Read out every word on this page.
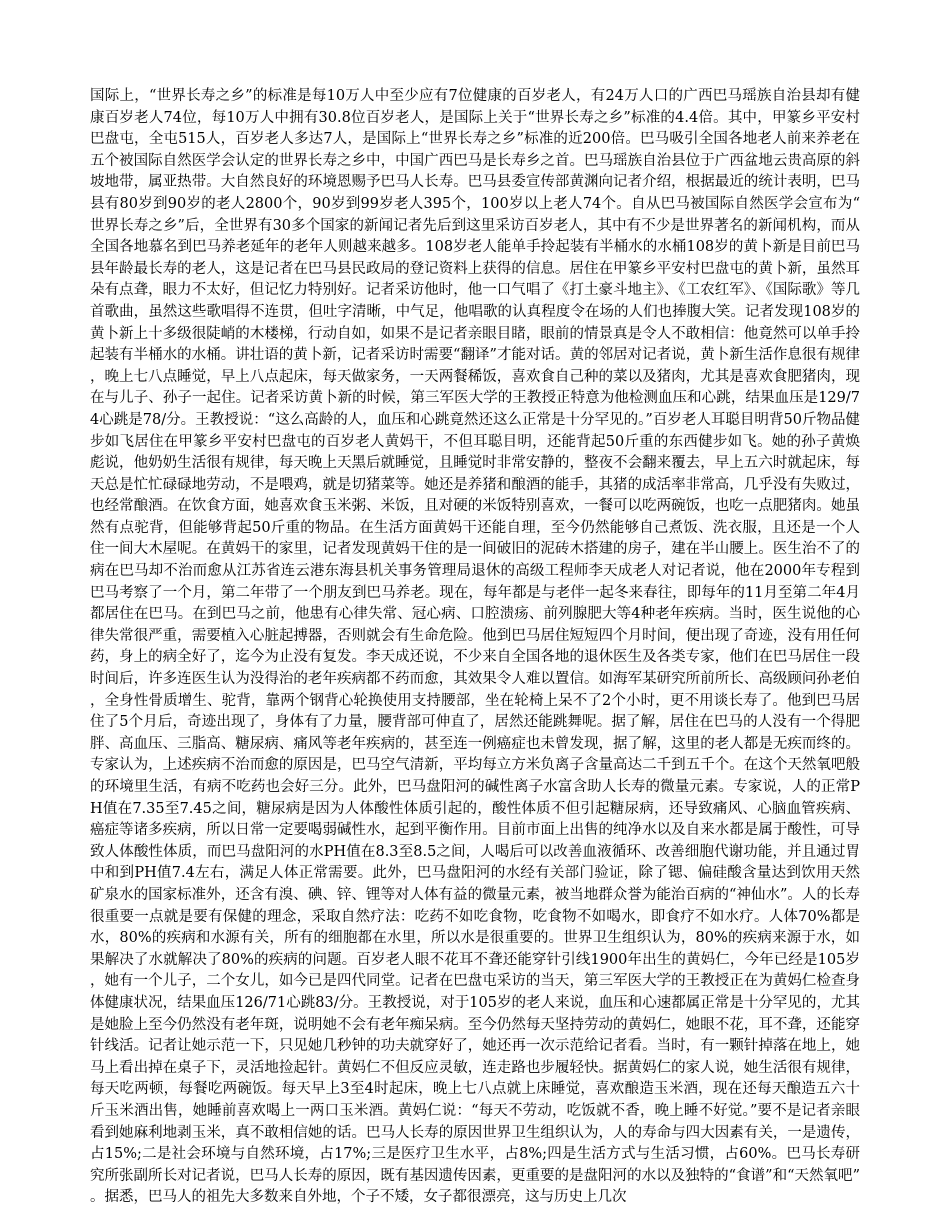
国际上，“世界长寿之乡”的标准是每10万人中至少应有7位健康的百岁老人，有24万人口的广西巴马瑶族自治县却有健康百岁老人74位，每10万人中拥有30.8位百岁老人，是国际上关于“世界长寿之乡”标准的4.4倍。其中，甲篆乡平安村巴盘屯，全屯515人，百岁老人多达7人，是国际上“世界长寿之乡”标准的近200倍。巴马吸引全国各地老人前来养老在五个被国际自然医学会认定的世界长寿之乡中，中国广西巴马是长寿乡之首。巴马瑶族自治县位于广西盆地云贵高原的斜坡地带，属亚热带。大自然良好的环境恩赐予巴马人长寿。巴马县委宣传部黄渊向记者介绍，根据最近的统计表明，巴马县有80岁到90岁的老人2800个，90岁到99岁老人395个，100岁以上老人74个。自从巴马被国际自然医学会宣布为“世界长寿之乡”后，全世界有30多个国家的新闻记者先后到这里采访百岁老人，其中有不少是世界著名的新闻机构，而从全国各地慕名到巴马养老延年的老年人则越来越多。108岁老人能单手拎起装有半桶水的水桶108岁的黄卜新是目前巴马县年龄最长寿的老人，这是记者在巴马县民政局的登记资料上获得的信息。居住在甲篆乡平安村巴盘屯的黄卜新，虽然耳朵有点聋，眼力不太好，但记忆力特别好。记者采访他时，他一口气唱了《打土豪斗地主》、《工农红军》、《国际歌》等几首歌曲，虽然这些歌唱得不连贯，但吐字清晰，中气足，他唱歌的认真程度令在场的人们也捧腹大笑。记者发现108岁的黄卜新上十多级很陡峭的木楼梯，行动自如，如果不是记者亲眼目睹，眼前的情景真是令人不敢相信：他竟然可以单手拎起装有半桶水的水桶。讲壮语的黄卜新，记者采访时需要“翻译”才能对话。黄的邻居对记者说，黄卜新生活作息很有规律，晚上七八点睡觉，早上八点起床，每天做家务，一天两餐稀饭，喜欢食自己种的菜以及猪肉，尤其是喜欢食肥猪肉，现在与儿子、孙子一起住。记者采访黄卜新的时候，第三军医大学的王教授正特意为他检测血压和心跳，结果血压是129/74心跳是78/分。王教授说：“这么高龄的人，血压和心跳竟然还这么正常是十分罕见的。”百岁老人耳聪目明背50斤物品健步如飞居住在甲篆乡平安村巴盘屯的百岁老人黄妈干，不但耳聪目明，还能背起50斤重的东西健步如飞。她的孙子黄焕彪说，他奶奶生活很有规律，每天晚上天黑后就睡觉，且睡觉时非常安静的，整夜不会翻来覆去，早上五六时就起床，每天总是忙忙碌碌地劳动，不是喂鸡，就是切猪菜等。她还是养猪和酿酒的能手，其猪的成活率非常高，几乎没有失败过，也经常酿酒。在饮食方面，她喜欢食玉米粥、米饭，且对硬的米饭特别喜欢，一餐可以吃两碗饭，也吃一点肥猪肉。她虽然有点驼背，但能够背起50斤重的物品。在生活方面黄妈干还能自理，至今仍然能够自己煮饭、洗衣服，且还是一个人住一间大木屋呢。在黄妈干的家里，记者发现黄妈干住的是一间破旧的泥砖木搭建的房子，建在半山腰上。医生治不了的病在巴马却不治而愈从江苏省连云港东海县机关事务管理局退休的高级工程师李天成老人对记者说，他在2000年专程到巴马考察了一个月，第二年带了一个朋友到巴马养老。现在，每年都是与老伴一起冬来春往，即每年的11月至第二年4月都居住在巴马。在到巴马之前，他患有心律失常、冠心病、口腔溃疡、前列腺肥大等4种老年疾病。当时，医生说他的心律失常很严重，需要植入心脏起搏器，否则就会有生命危险。他到巴马居住短短四个月时间，便出现了奇迹，没有用任何药，身上的病全好了，迄今为止没有复发。李天成还说，不少来自全国各地的退休医生及各类专家，他们在巴马居住一段时间后，许多连医生认为没得治的老年疾病都不药而愈，其效果令人难以置信。如海军某研究所前所长、高级顾问孙老伯，全身性骨质增生、驼背，靠两个钢背心轮换使用支持腰部，坐在轮椅上呆不了2个小时，更不用谈长寿了。他到巴马居住了5个月后，奇迹出现了，身体有了力量，腰背部可伸直了，居然还能跳舞呢。据了解，居住在巴马的人没有一个得肥胖、高血压、三脂高、糖尿病、痛风等老年疾病的，甚至连一例癌症也未曾发现，据了解，这里的老人都是无疾而终的。专家认为，上述疾病不治而愈的原因是，巴马空气清新，平均每立方米负离子含量高达二千到五千个。在这个天然氧吧般的环境里生活，有病不吃药也会好三分。此外，巴马盘阳河的碱性离子水富含助人长寿的微量元素。专家说，人的正常PH值在7.35至7.45之间，糖尿病是因为人体酸性体质引起的，酸性体质不但引起糖尿病，还导致痛风、心脑血管疾病、癌症等诸多疾病，所以日常一定要喝弱碱性水，起到平衡作用。目前市面上出售的纯净水以及自来水都是属于酸性，可导致人体酸性体质，而巴马盘阳河的水PH值在8.3至8.5之间，人喝后可以改善血液循环、改善细胞代谢功能，并且通过胃中和到PH值7.4左右，满足人体正常需要。此外，巴马盘阳河的水经有关部门验证，除了锶、偏硅酸含量达到饮用天然矿泉水的国家标准外，还含有溴、碘、锌、锂等对人体有益的微量元素，被当地群众誉为能治百病的“神仙水”。人的长寿很重要一点就是要有保健的理念，采取自然疗法：吃药不如吃食物，吃食物不如喝水，即食疗不如水疗。人体70%都是水，80%的疾病和水源有关，所有的细胞都在水里，所以水是很重要的。世界卫生组织认为，80%的疾病来源于水，如果解决了水就解决了80%的疾病的问题。百岁老人眼不花耳不聋还能穿针引线1900年出生的黄妈仁，今年已经是105岁，她有一个儿子，二个女儿，如今已是四代同堂。记者在巴盘屯采访的当天，第三军医大学的王教授正在为黄妈仁检查身体健康状况，结果血压126/71心跳83/分。王教授说，对于105岁的老人来说，血压和心速都属正常是十分罕见的，尤其是她脸上至今仍然没有老年斑，说明她不会有老年痴呆病。至今仍然每天坚持劳动的黄妈仁，她眼不花，耳不聋，还能穿针线活。记者让她示范一下，只见她几秒钟的功夫就穿好了，她还再一次示范给记者看。当时，有一颗针掉落在地上，她马上看出掉在桌子下，灵活地捡起针。黄妈仁不但反应灵敏，连走路也步履轻快。据黄妈仁的家人说，她生活很有规律，每天吃两顿，每餐吃两碗饭。每天早上3至4时起床，晚上七八点就上床睡觉，喜欢酿造玉米酒，现在还每天酿造五六十斤玉米酒出售，她睡前喜欢喝上一两口玉米酒。黄妈仁说：“每天不劳动，吃饭就不香，晚上睡不好觉。”要不是记者亲眼看到她麻利地剥玉米，真不敢相信她的话。巴马人长寿的原因世界卫生组织认为，人的寿命与四大因素有关，一是遗传，占15%;二是社会环境与自然环境，占17%;三是医疗卫生水平，占8%;四是生活方式与生活习惯，占60%。巴马长寿研究所张副所长对记者说，巴马人长寿的原因，既有基因遗传因素，更重要的是盘阳河的水以及独特的“食谱”和“天然氧吧”。据悉，巴马人的祖先大多数来自外地，个子不矮，女子都很漂亮，这与历史上几次
